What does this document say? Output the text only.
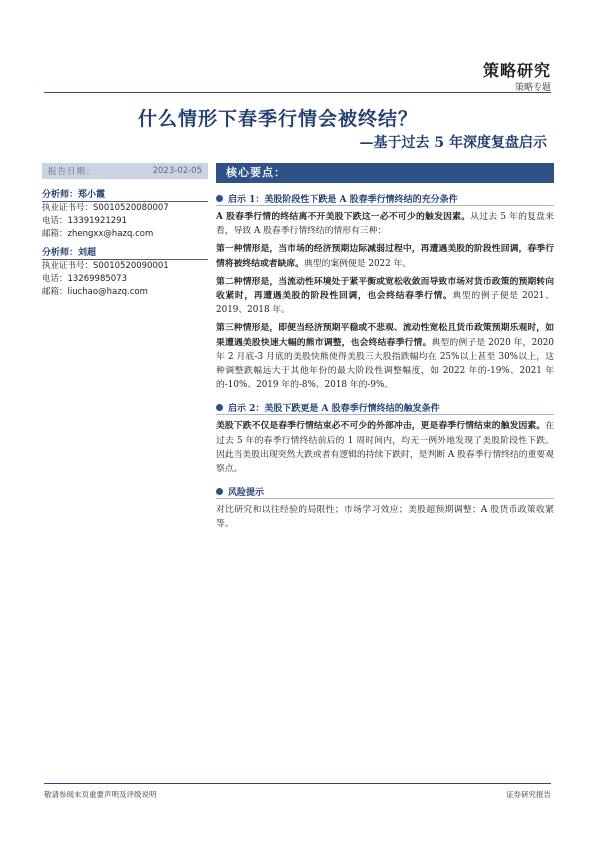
策略研究
策略专题
什么情形下春季行情会被终结？
—基于过去 5 年深度复盘启示
报告日期：	2023-02-05
分析师：郑小霞
执业证书号：S0010520080007
电话：13391921291
邮箱：zhengxx@hazq.com
分析师：刘超
执业证书号：S0010520090001
电话：13269985073
邮箱：liuchao@hazq.com
核心要点：
启示 1：美股阶段性下跌是 A 股春季行情终结的充分条件

A 股春季行情的终结离不开美股下跌这一必不可少的触发因素。从过去 5 年的复盘来看，导致 A 股春季行情终结的情形有三种：

第一种情形是，当市场的经济预期边际减弱过程中，再遭遇美股的阶段性回调，春季行情将被终结或者缺席。典型的案例便是 2022 年。

第二种情形是，当流动性环境处于紧平衡或宽松收敛而导致市场对货币政策的预期转向收紧时，再遭遇美股的阶段性回调，也会终结春季行情。典型的例子便是 2021、2019、2018 年。

第三种情形是，即便当经济预期平稳或不悲观、流动性宽松且货币政策预期乐观时，如果遭遇美股快速大幅的熊市调整，也会终结春季行情。典型的例子是 2020 年，2020 年 2 月底-3 月底的美股快熊使得美股三大股指跌幅均在 25%以上甚至 30%以上，这种调整跌幅远大于其他年份的最大阶段性调整幅度，如 2022 年的-19%、2021 年的-10%、2019 年的-8%、2018 年的-9%。

启示 2：美股下跌更是 A 股春季行情终结的触发条件

美股下跌不仅是春季行情结束必不可少的外部冲击，更是春季行情结束的触发因素。在过去 5 年的春季行情终结前后的 1 周时间内，均无一例外地发现了美股阶段性下跌。因此当美股出现突然大跌或者有逻辑的持续下跌时，是判断 A 股春季行情终结的重要观察点。

风险提示

对比研究和以往经验的局限性；市场学习效应；美股超预期调整；A 股货币政策收紧等。

敬请参阅末页重要声明及评级说明	证券研究报告
